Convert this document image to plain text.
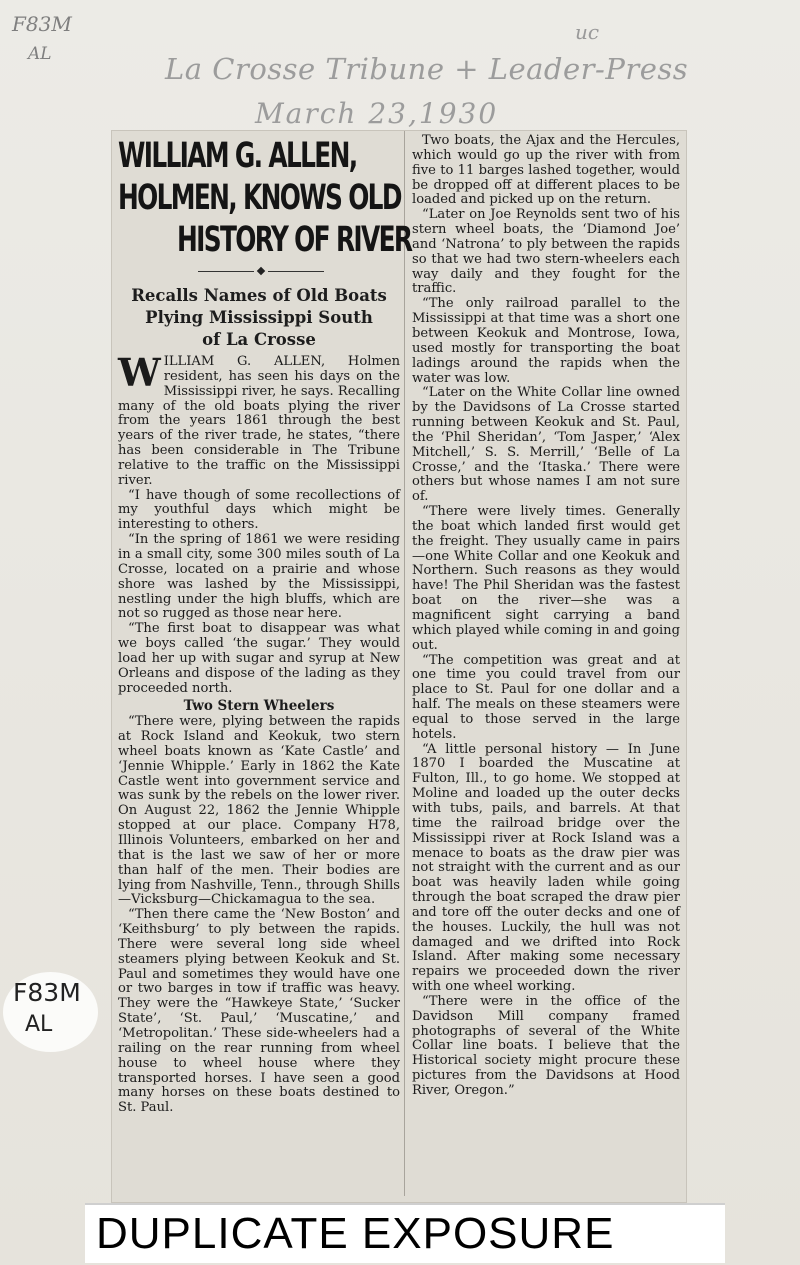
F83M
AL
uc
La Crosse Tribune + Leader-Press
March 23,1930
WILLIAM G. ALLEN,
HOLMEN, KNOWS OLD
HISTORY OF RIVER
Recalls Names of Old Boats
Plying Mississippi South
of La Crosse

WILLIAM G. ALLEN, Holmen resident, has seen his days on the Mississippi river, he says. Recalling many of the old boats plying the river from the years 1861 through the best years of the river trade, he states, “there has been considerable in The Tribune relative to the traffic on the Mississippi river.

“I have though of some recollections of my youthful days which might be interesting to others.

“In the spring of 1861 we were residing in a small city, some 300 miles south of La Crosse, located on a prairie and whose shore was lashed by the Mississippi, nestling under the high bluffs, which are not so rugged as those near here.

“The first boat to disappear was what we boys called ‘the sugar.’ They would load her up with sugar and syrup at New Orleans and dispose of the lading as they proceeded north.

Two Stern Wheelers

“There were, plying between the rapids at Rock Island and Keokuk, two stern wheel boats known as ‘Kate Castle’ and ‘Jennie Whipple.’ Early in 1862 the Kate Castle went into government service and was sunk by the rebels on the lower river. On August 22, 1862 the Jennie Whipple stopped at our place. Company H78, Illinois Volunteers, embarked on her and that is the last we saw of her or more than half of the men. Their bodies are lying from Nashville, Tenn., through Shills—Vicksburg—Chickamagua to the sea.

“Then there came the ‘New Boston’ and ‘Keithsburg’ to ply between the rapids. There were several long side wheel steamers plying between Keokuk and St. Paul and sometimes they would have one or two barges in tow if traffic was heavy. They were the “Hawkeye State,’ ‘Sucker State’, ‘St. Paul,’ ‘Muscatine,’ and ‘Metropolitan.’ These side-wheelers had a railing on the rear running from wheel house to wheel house where they transported horses. I have seen a good many horses on these boats destined to St. Paul.

Two boats, the Ajax and the Hercules, which would go up the river with from five to 11 barges lashed together, would be dropped off at different places to be loaded and picked up on the return.

“Later on Joe Reynolds sent two of his stern wheel boats, the ‘Diamond Joe’ and ‘Natrona’ to ply between the rapids so that we had two stern-wheelers each way daily and they fought for the traffic.

“The only railroad parallel to the Mississippi at that time was a short one between Keokuk and Montrose, Iowa, used mostly for transporting the boat ladings around the rapids when the water was low.

“Later on the White Collar line owned by the Davidsons of La Crosse started running between Keokuk and St. Paul, the ‘Phil Sheridan’, ‘Tom Jasper,’ ‘Alex Mitchell,’ S. S. Merrill,’ ‘Belle of La Crosse,’ and the ‘Itaska.’ There were others but whose names I am not sure of.

“There were lively times. Generally the boat which landed first would get the freight. They usually came in pairs—one White Collar and one Keokuk and Northern. Such reasons as they would have! The Phil Sheridan was the fastest boat on the river—she was a magnificent sight carrying a band which played while coming in and going out.

“The competition was great and at one time you could travel from our place to St. Paul for one dollar and a half. The meals on these steamers were equal to those served in the large hotels.

“A little personal history — In June 1870 I boarded the Muscatine at Fulton, Ill., to go home. We stopped at Moline and loaded up the outer decks with tubs, pails, and barrels. At that time the railroad bridge over the Mississippi river at Rock Island was a menace to boats as the draw pier was not straight with the current and as our boat was heavily laden while going through the boat scraped the draw pier and tore off the outer decks and one of the houses. Luckily, the hull was not damaged and we drifted into Rock Island. After making some necessary repairs we proceeded down the river with one wheel working.

“There were in the office of the Davidson Mill company framed photographs of several of the White Collar line boats. I believe that the Historical society might procure these pictures from the Davidsons at Hood River, Oregon.”

F83M
AL
DUPLICATE EXPOSURE
